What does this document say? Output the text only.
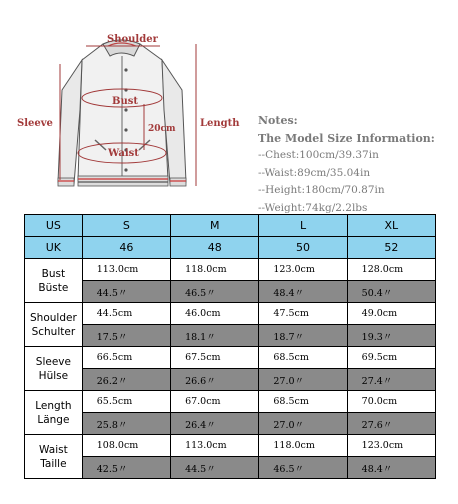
Shoulder
Bust
Waist
Sleeve	Length
20cm
Notes:
The Model Size Information:
--Chest:100cm/39.37in
--Waist:89cm/35.04in
--Height:180cm/70.87in
--Weight:74kg/2.2lbs
US	S	M	L	XL
UK	46	48	50	52

Bust
Büste	113.0cm	118.0cm	123.0cm	128.0cm
	44.5〃	46.5〃	48.4〃	50.4〃

Shoulder
Schulter	44.5cm	46.0cm	47.5cm	49.0cm
	17.5〃	18.1〃	18.7〃	19.3〃

Sleeve
Hülse	66.5cm	67.5cm	68.5cm	69.5cm
	26.2〃	26.6〃	27.0〃	27.4〃

Length
Länge	65.5cm	67.0cm	68.5cm	70.0cm
	25.8〃	26.4〃	27.0〃	27.6〃

Waist
Taille	108.0cm	113.0cm	118.0cm	123.0cm
	42.5〃	44.5〃	46.5〃	48.4〃
